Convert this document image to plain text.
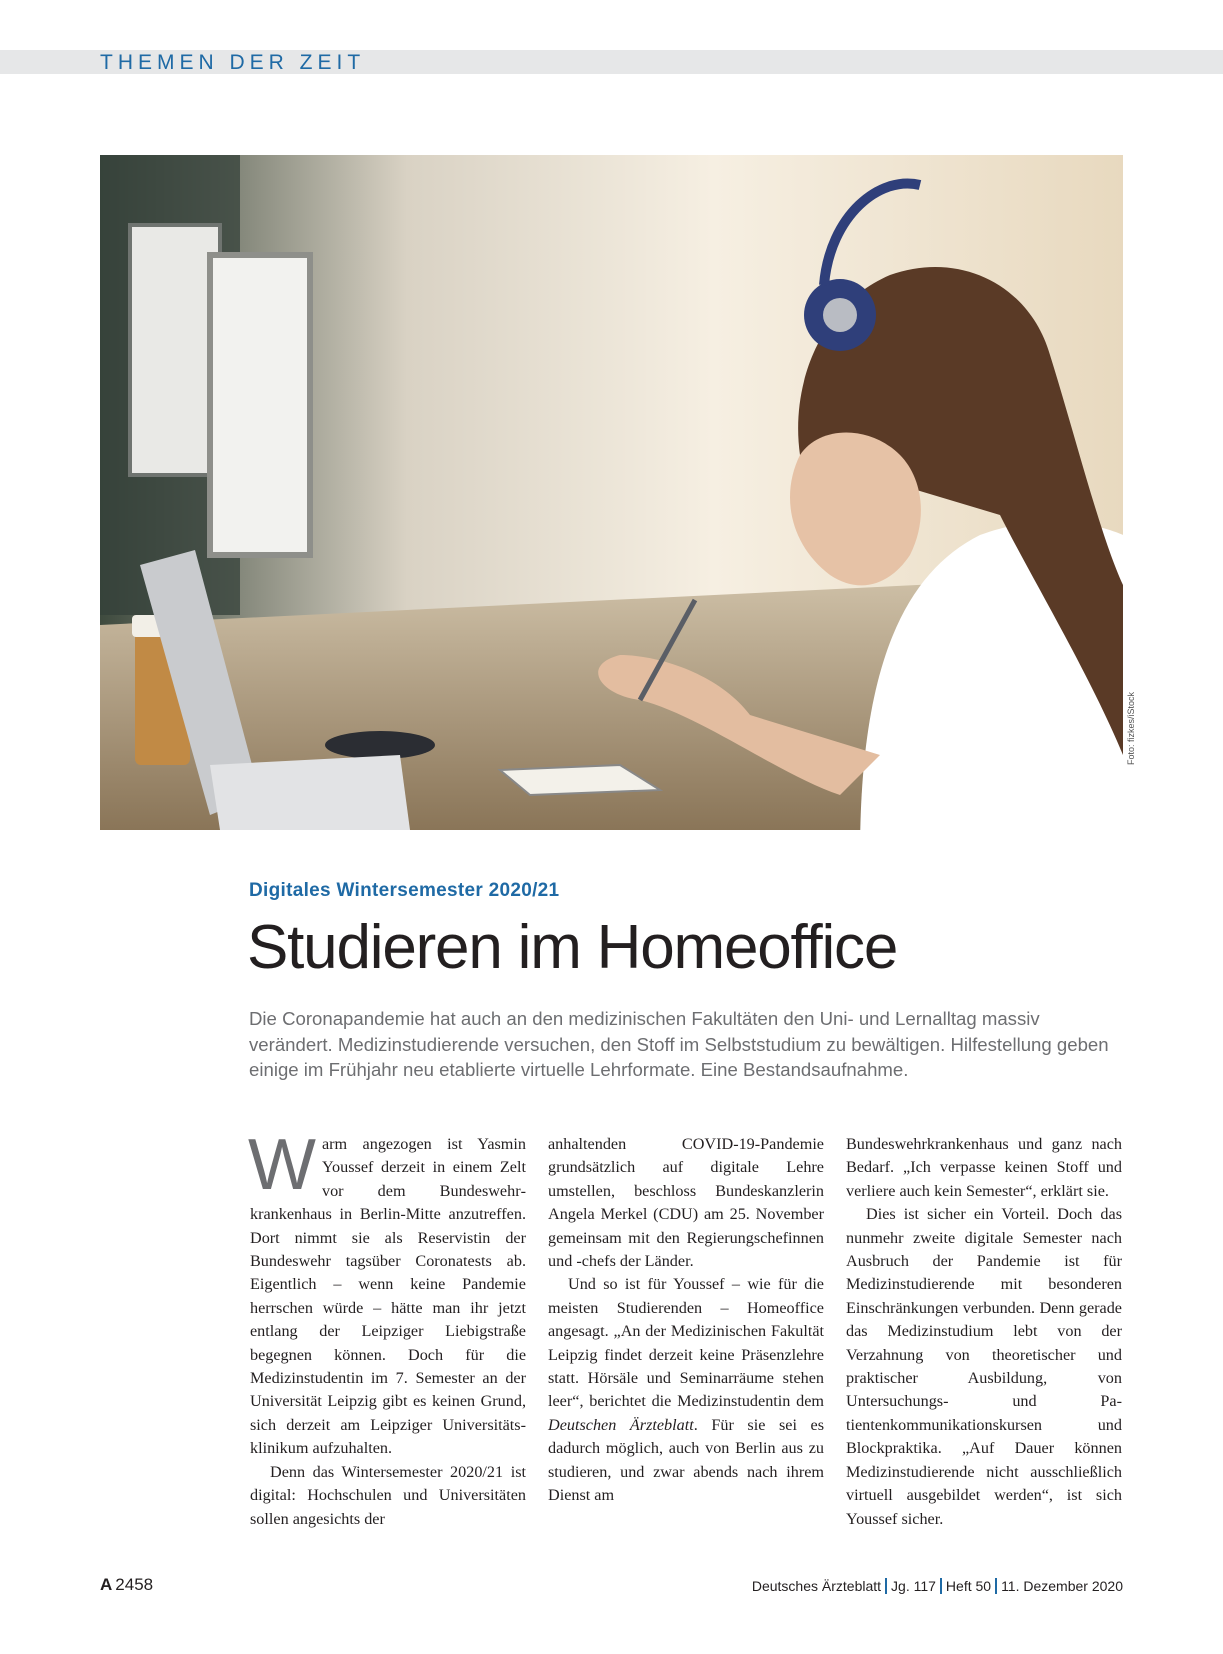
THEMEN DER ZEIT
Foto: fizkes/iStock
Digitales Wintersemester 2020/21
Studieren im Homeoffice

Die Coronapandemie hat auch an den medizinischen Fakultäten den Uni- und Lernalltag massiv verändert. Medizinstudierende versuchen, den Stoff im Selbststudium zu bewältigen. Hilfestellung geben einige im Frühjahr neu etablierte virtuelle Lehrformate. Eine Bestandsaufnahme.

Warm angezogen ist Yasmin Youssef derzeit in einem Zelt vor dem Bundeswehrkrankenhaus in Berlin-Mitte anzutreffen. Dort nimmt sie als Reservistin der Bundeswehr tagsüber Coronatests ab. Eigentlich – wenn keine Pandemie herrschen würde – hätte man ihr jetzt entlang der Leipziger Liebigstraße begegnen können. Doch für die Medizinstudentin im 7. Semester an der Universität Leipzig gibt es keinen Grund, sich derzeit am Leipziger Universitätsklinikum aufzuhalten.

Denn das Wintersemester 2020/21 ist digital: Hochschulen und Universitäten sollen angesichts der

anhaltenden COVID-19-Pandemie grundsätzlich auf digitale Lehre umstellen, beschloss Bundeskanzlerin Angela Merkel (CDU) am 25. November gemeinsam mit den Regierungschefinnen und -chefs der Länder.

Und so ist für Youssef – wie für die meisten Studierenden – Homeoffice angesagt. „An der Medizinischen Fakultät Leipzig findet derzeit keine Präsenzlehre statt. Hörsäle und Seminarräume stehen leer“, berichtet die Medizinstudentin dem Deutschen Ärzteblatt. Für sie sei es dadurch möglich, auch von Berlin aus zu studieren, und zwar abends nach ihrem Dienst am

Bundeswehrkrankenhaus und ganz nach Bedarf. „Ich verpasse keinen Stoff und verliere auch kein Semester“, erklärt sie.

Dies ist sicher ein Vorteil. Doch das nunmehr zweite digitale Semester nach Ausbruch der Pandemie ist für Medizinstudierende mit besonderen Einschränkungen verbunden. Denn gerade das Medizinstudium lebt von der Verzahnung von theoretischer und praktischer Ausbildung, von Untersuchungs- und Patientenkommunikationskursen und Blockpraktika. „Auf Dauer können Medizinstudierende nicht ausschließlich virtuell ausgebildet werden“, ist sich Youssef sicher.

A 2458	Deutsches Ärzteblatt Jg. 117 Heft 50 11. Dezember 2020
